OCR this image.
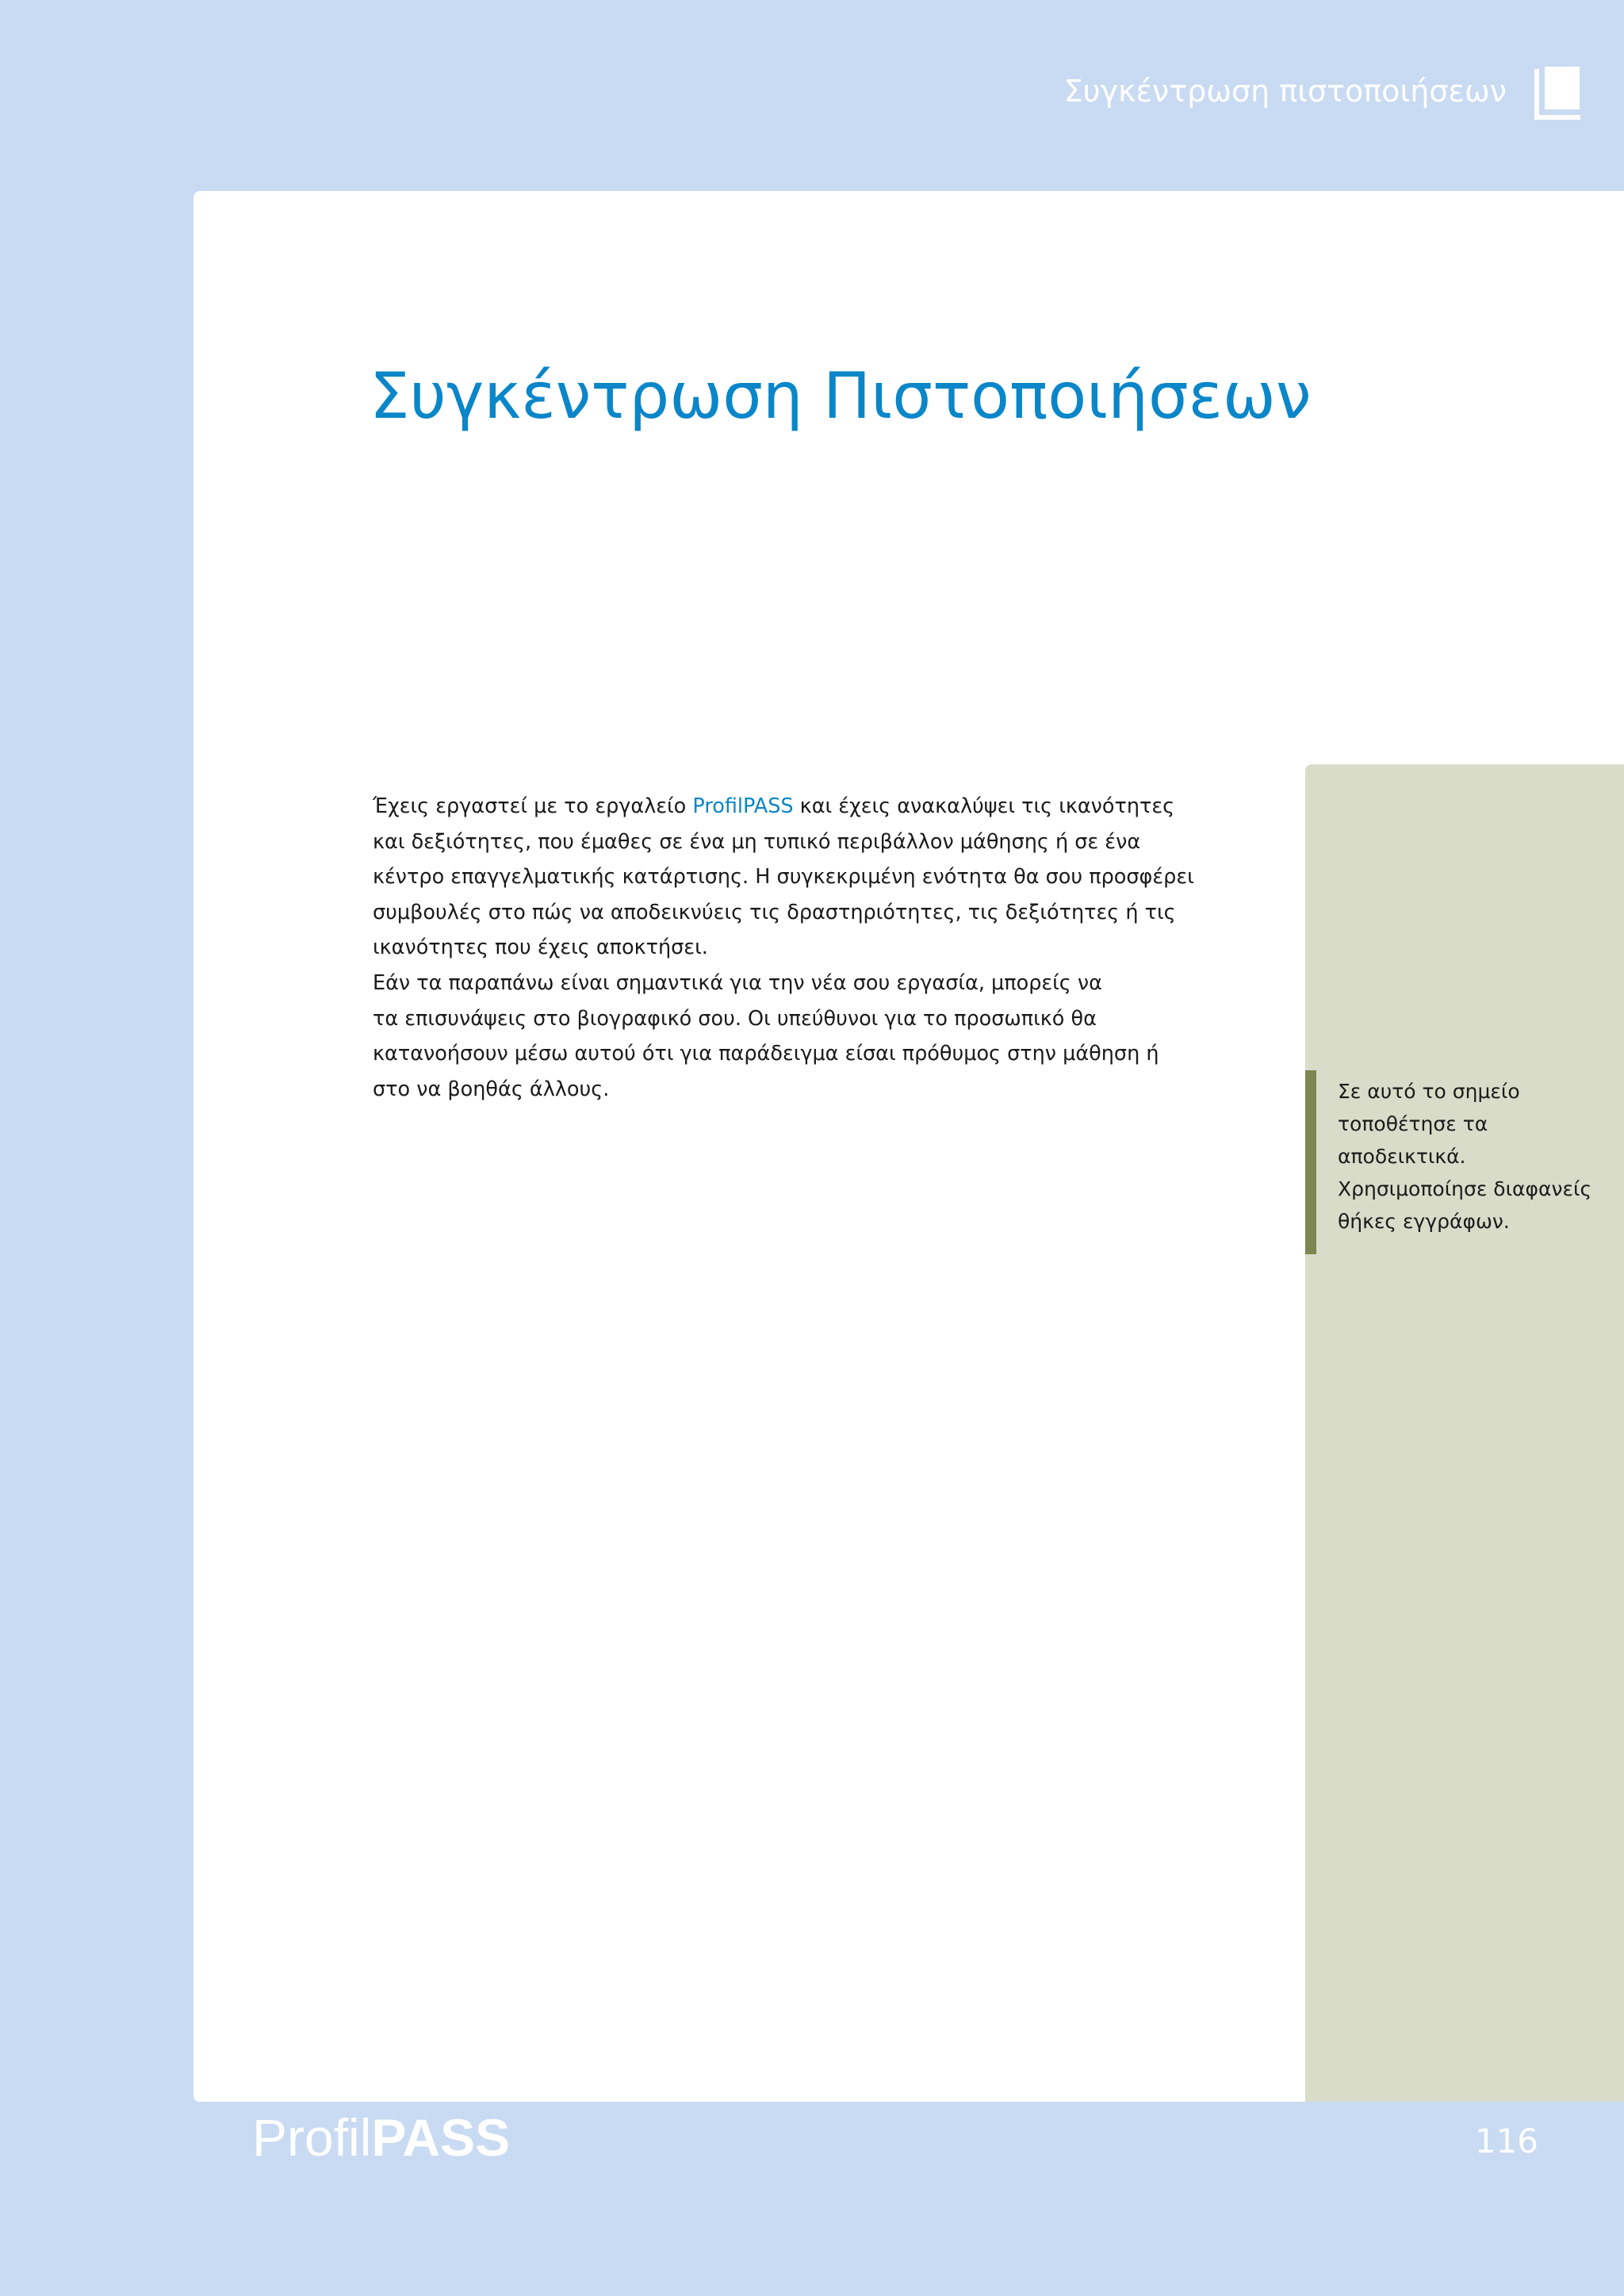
Συγκέντρωση πιστοποιήσεων
Συγκέντρωση Πιστοποιήσεων

Έχεις εργαστεί με το εργαλείο ProfilPASS και έχεις ανακαλύψει τις ικανότητες
και δεξιότητες, που έμαθες σε ένα μη τυπικό περιβάλλον μάθησης ή σε ένα
κέντρο επαγγελματικής κατάρτισης. Η συγκεκριμένη ενότητα θα σου προσφέρει
συμβουλές στο πώς να αποδεικνύεις τις δραστηριότητες, τις δεξιότητες ή τις
ικανότητες που έχεις αποκτήσει.
Εάν τα παραπάνω είναι σημαντικά για την νέα σου εργασία, μπορείς να
τα επισυνάψεις στο βιογραφικό σου. Οι υπεύθυνοι για το προσωπικό θα
κατανοήσουν μέσω αυτού ότι για παράδειγμα είσαι πρόθυμος στην μάθηση ή
στο να βοηθάς άλλους.	Σε αυτό το σημείο
τοποθέτησε τα
αποδεικτικά.
Χρησιμοποίησε διαφανείς
θήκες εγγράφων.
ProfilPASS	116
